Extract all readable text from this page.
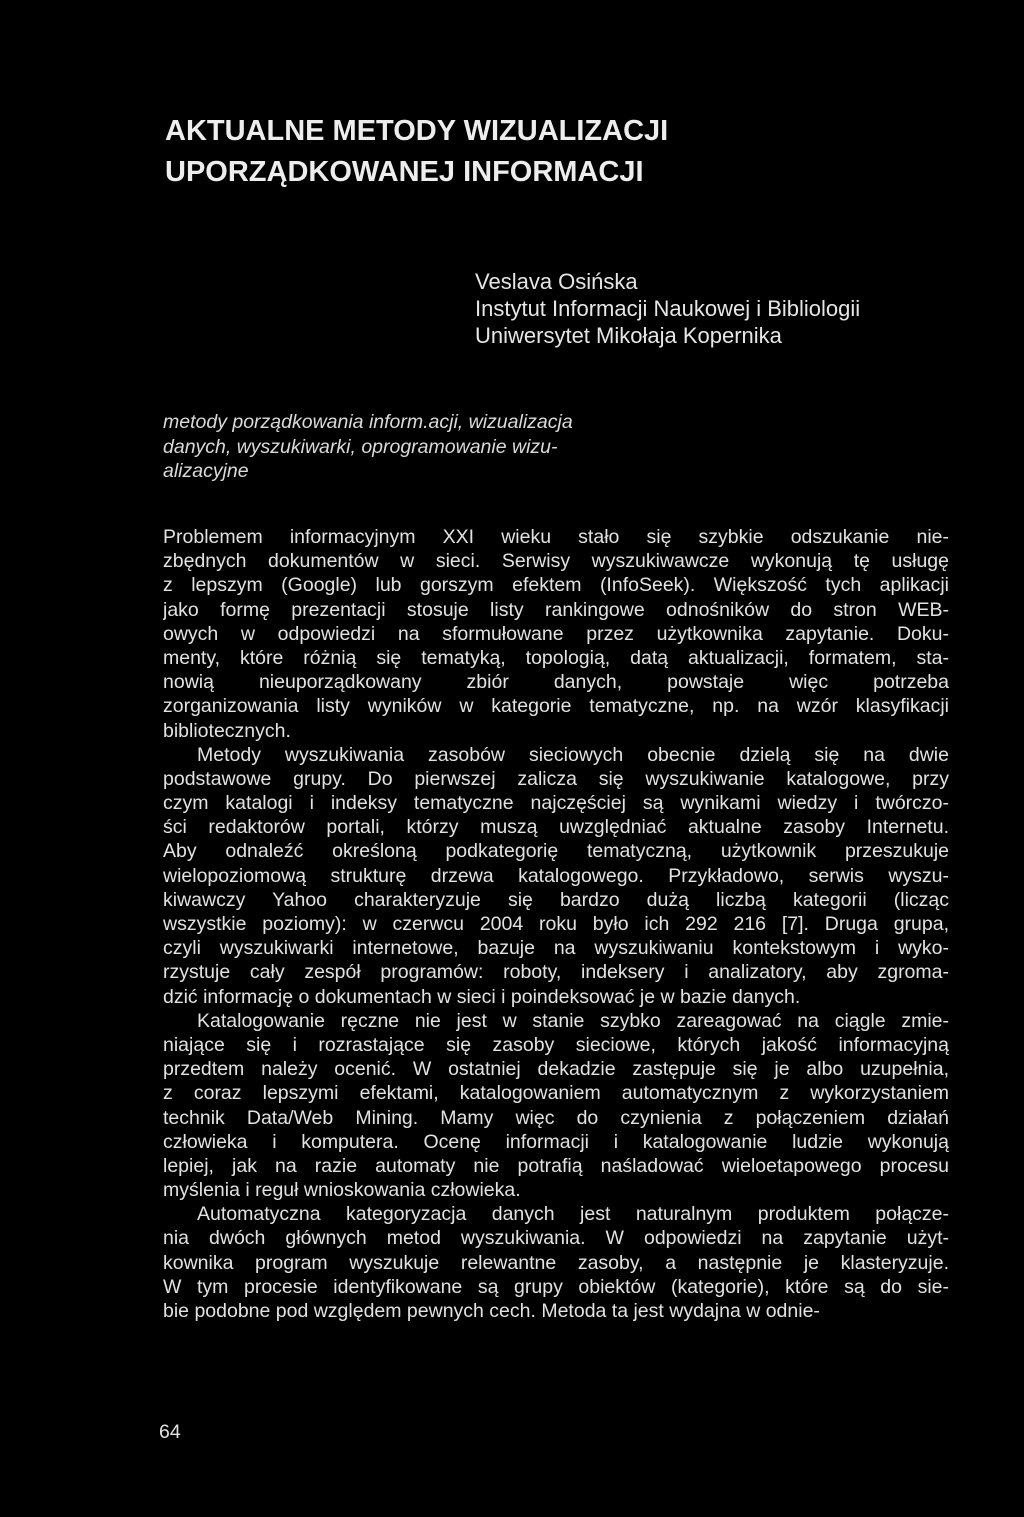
AKTUALNE METODY WIZUALIZACJI
UPORZĄDKOWANEJ INFORMACJI
Veslava Osińska
Instytut Informacji Naukowej i Bibliologii
Uniwersytet Mikołaja Kopernika
metody porządkowania inform.acji, wizualizacja
danych, wyszukiwarki, oprogramowanie wizu-
alizacyjne
Problemem informacyjnym XXI wieku stało się szybkie odszukanie nie-
zbędnych dokumentów w sieci. Serwisy wyszukiwawcze wykonują tę usługę
z lepszym (Google) lub gorszym efektem (InfoSeek). Większość tych aplikacji
jako formę prezentacji stosuje listy rankingowe odnośników do stron WEB-
owych w odpowiedzi na sformułowane przez użytkownika zapytanie. Doku-
menty, które różnią się tematyką, topologią, datą aktualizacji, formatem, sta-
nowią nieuporządkowany zbiór danych, powstaje więc potrzeba
zorganizowania listy wyników w kategorie tematyczne, np. na wzór klasyfikacji
bibliotecznych.
Metody wyszukiwania zasobów sieciowych obecnie dzielą się na dwie
podstawowe grupy. Do pierwszej zalicza się wyszukiwanie katalogowe, przy
czym katalogi i indeksy tematyczne najczęściej są wynikami wiedzy i twórczo-
ści redaktorów portali, którzy muszą uwzględniać aktualne zasoby Internetu.
Aby odnaleźć określoną podkategorię tematyczną, użytkownik przeszukuje
wielopoziomową strukturę drzewa katalogowego. Przykładowo, serwis wyszu-
kiwawczy Yahoo charakteryzuje się bardzo dużą liczbą kategorii (licząc
wszystkie poziomy): w czerwcu 2004 roku było ich 292 216 [7]. Druga grupa,
czyli wyszukiwarki internetowe, bazuje na wyszukiwaniu kontekstowym i wyko-
rzystuje cały zespół programów: roboty, indeksery i analizatory, aby zgroma-
dzić informację o dokumentach w sieci i poindeksować je w bazie danych.
Katalogowanie ręczne nie jest w stanie szybko zareagować na ciągle zmie-
niające się i rozrastające się zasoby sieciowe, których jakość informacyjną
przedtem należy ocenić. W ostatniej dekadzie zastępuje się je albo uzupełnia,
z coraz lepszymi efektami, katalogowaniem automatycznym z wykorzystaniem
technik Data/Web Mining. Mamy więc do czynienia z połączeniem działań
człowieka i komputera. Ocenę informacji i katalogowanie ludzie wykonują
lepiej, jak na razie automaty nie potrafią naśladować wieloetapowego procesu
myślenia i reguł wnioskowania człowieka.
Automatyczna kategoryzacja danych jest naturalnym produktem połącze-
nia dwóch głównych metod wyszukiwania. W odpowiedzi na zapytanie użyt-
kownika program wyszukuje relewantne zasoby, a następnie je klasteryzuje.
W tym procesie identyfikowane są grupy obiektów (kategorie), które są do sie-
bie podobne pod względem pewnych cech. Metoda ta jest wydajna w odnie-
64
